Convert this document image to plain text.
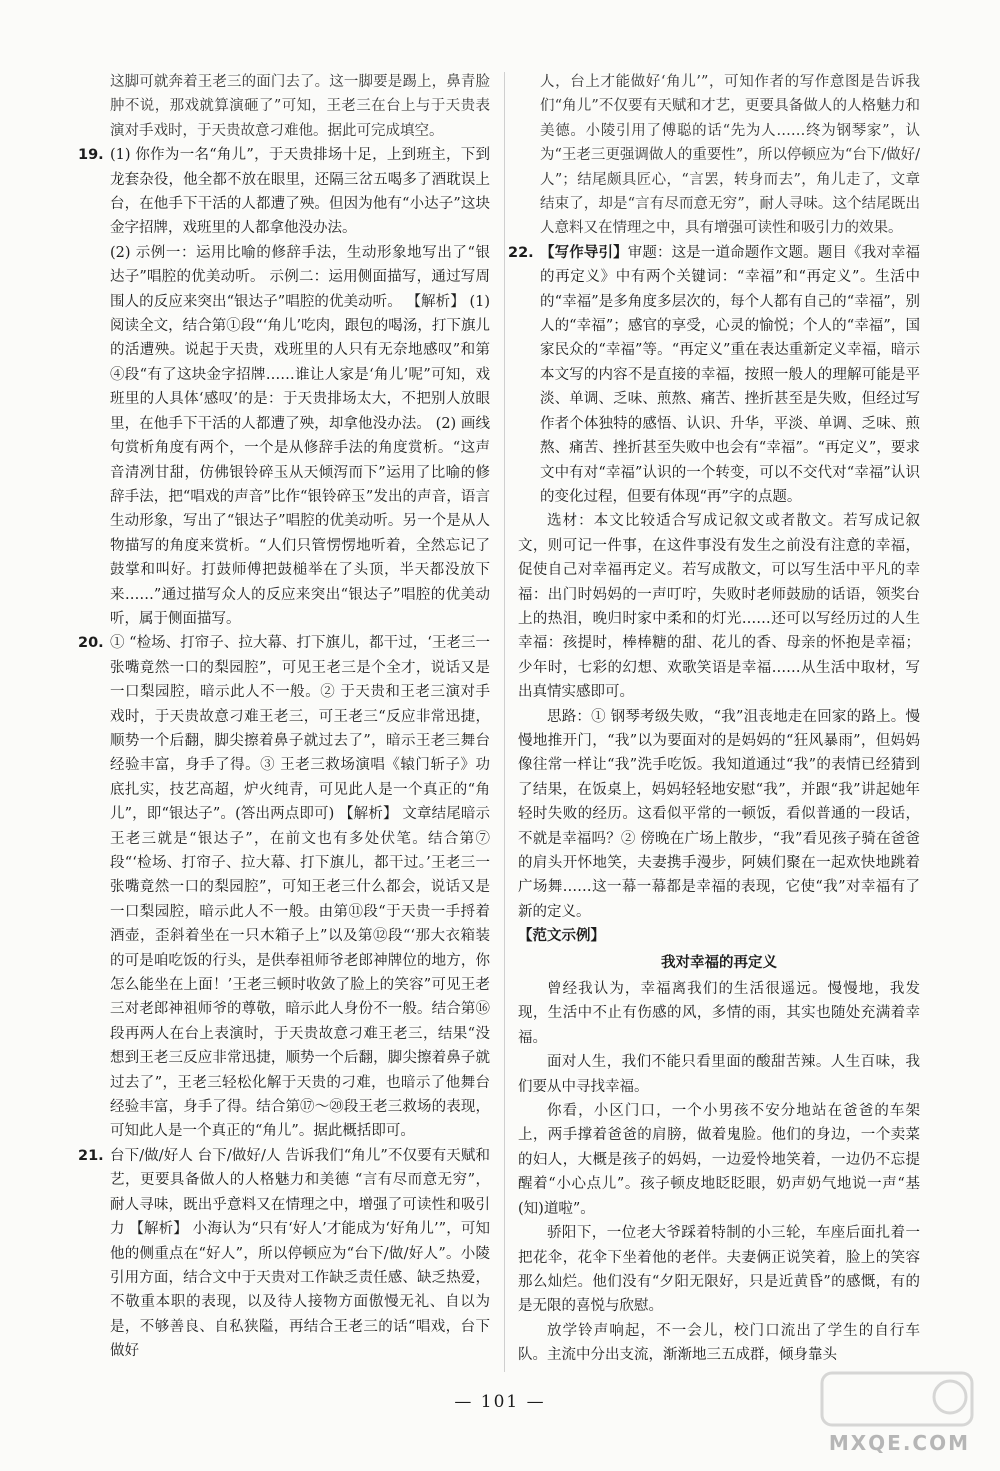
这脚可就奔着王老三的面门去了。这一脚要是踢上，鼻青脸肿不说，那戏就算演砸了”可知，王老三在台上与于天贵表演对手戏时，于天贵故意刁难他。据此可完成填空。

19. (1) 你作为一名“角儿”，于天贵排场十足，上到班主，下到龙套杂役，他全都不放在眼里，还隔三岔五喝多了酒耽误上台，在他手下干活的人都遭了殃。但因为他有“小达子”这块金字招牌，戏班里的人都拿他没办法。

(2) 示例一：运用比喻的修辞手法，生动形象地写出了“银达子”唱腔的优美动听。 示例二：运用侧面描写，通过写周围人的反应来突出“银达子”唱腔的优美动听。 【解析】 (1) 阅读全文，结合第①段“‘角儿’吃肉，跟包的喝汤，打下旗儿的活遭殃。说起于天贵，戏班里的人只有无奈地感叹”和第④段“有了这块金字招牌……谁让人家是‘角儿’呢”可知，戏班里的人具体‘感叹’的是：于天贵排场太大，不把别人放眼里，在他手下干活的人都遭了殃，却拿他没办法。 (2) 画线句赏析角度有两个，一个是从修辞手法的角度赏析。“这声音清冽甘甜，仿佛银铃碎玉从天倾泻而下”运用了比喻的修辞手法，把“唱戏的声音”比作“银铃碎玉”发出的声音，语言生动形象，写出了“银达子”唱腔的优美动听。另一个是从人物描写的角度来赏析。“人们只管愣愣地听着，全然忘记了鼓掌和叫好。打鼓师傅把鼓槌举在了头顶，半天都没放下来……”通过描写众人的反应来突出“银达子”唱腔的优美动听，属于侧面描写。

20. ① “检场、打帘子、拉大幕、打下旗儿，都干过，‘王老三一张嘴竟然一口的梨园腔”，可见王老三是个全才，说话又是一口梨园腔，暗示此人不一般。② 于天贵和王老三演对手戏时，于天贵故意刁难王老三，可王老三“反应非常迅捷，顺势一个后翻，脚尖擦着鼻子就过去了”，暗示王老三舞台经验丰富，身手了得。③ 王老三救场演唱《辕门斩子》功底扎实，技艺高超，炉火纯青，可见此人是一个真正的“角儿”，即“银达子”。(答出两点即可) 【解析】 文章结尾暗示王老三就是“银达子”，在前文也有多处伏笔。结合第⑦段“‘检场、打帘子、拉大幕、打下旗儿，都干过。’王老三一张嘴竟然一口的梨园腔”，可知王老三什么都会，说话又是一口梨园腔，暗示此人不一般。由第⑪段“于天贵一手捋着酒壶，歪斜着坐在一只木箱子上”以及第⑫段“‘那大衣箱装的可是咱吃饭的行头，是供奉祖师爷老郎神牌位的地方，你怎么能坐在上面！’王老三顿时收敛了脸上的笑容”可见王老三对老郎神祖师爷的尊敬，暗示此人身份不一般。结合第⑯段再两人在台上表演时，于天贵故意刁难王老三，结果“没想到王老三反应非常迅捷，顺势一个后翻，脚尖擦着鼻子就过去了”，王老三轻松化解于天贵的刁难，也暗示了他舞台经验丰富，身手了得。结合第⑰～⑳段王老三救场的表现，可知此人是一个真正的“角儿”。据此概括即可。
21. 台下/做/好人 台下/做好/人 告诉我们“角儿”不仅要有天赋和艺，更要具备做人的人格魅力和美德 “言有尽而意无穷”，耐人寻味，既出乎意料又在情理之中，增强了可读性和吸引力 【解析】 小海认为“只有‘好人’才能成为‘好角儿’”，可知他的侧重点在“好人”，所以停顿应为“台下/做/好人”。小陵引用方面，结合文中于天贵对工作缺乏责任感、缺乏热爱，不敬重本职的表现，以及待人接物方面傲慢无礼、自以为是，不够善良、自私狭隘，再结合王老三的话“唱戏，台下做好

人，台上才能做好‘角儿’”，可知作者的写作意图是告诉我们“角儿”不仅要有天赋和才艺，更要具备做人的人格魅力和美德。小陵引用了傅聪的话“先为人……终为钢琴家”，认为“王老三更强调做人的重要性”，所以停顿应为“台下/做好/人”；结尾颇具匠心，“言罢，转身而去”，角儿走了，文章结束了，却是“言有尽而意无穷”，耐人寻味。这个结尾既出人意料又在情理之中，具有增强可读性和吸引力的效果。

22. 【写作导引】审题：这是一道命题作文题。题目《我对幸福的再定义》中有两个关键词：“幸福”和“再定义”。生活中的“幸福”是多角度多层次的，每个人都有自己的“幸福”，别人的“幸福”；感官的享受，心灵的愉悦；个人的“幸福”，国家民众的“幸福”等。“再定义”重在表达重新定义幸福，暗示本文写的内容不是直接的幸福，按照一般人的理解可能是平淡、单调、乏味、煎熬、痛苦、挫折甚至是失败，但经过写作者个体独特的感悟、认识、升华，平淡、单调、乏味、煎熬、痛苦、挫折甚至失败中也会有“幸福”。“再定义”，要求文中有对“幸福”认识的一个转变，可以不交代对“幸福”认识的变化过程，但要有体现“再”字的点题。

选材：本文比较适合写成记叙文或者散文。若写成记叙文，则可记一件事，在这件事没有发生之前没有注意的幸福，促使自己对幸福再定义。若写成散文，可以写生活中平凡的幸福：出门时妈妈的一声叮咛，失败时老师鼓励的话语，领奖台上的热泪，晚归时家中柔和的灯光……还可以写经历过的人生幸福：孩提时，棒棒糖的甜、花儿的香、母亲的怀抱是幸福；少年时，七彩的幻想、欢歌笑语是幸福……从生活中取材，写出真情实感即可。

思路：① 钢琴考级失败，“我”沮丧地走在回家的路上。慢慢地推开门，“我”以为要面对的是妈妈的“狂风暴雨”，但妈妈像往常一样让“我”洗手吃饭。我知道通过“我”的表情已经猜到了结果，在饭桌上，妈妈轻轻地安慰“我”，并跟“我”讲起她年轻时失败的经历。这看似平常的一顿饭，看似普通的一段话，不就是幸福吗？② 傍晚在广场上散步，“我”看见孩子骑在爸爸的肩头开怀地笑，夫妻携手漫步，阿姨们聚在一起欢快地跳着广场舞……这一幕一幕都是幸福的表现，它使“我”对幸福有了新的定义。

【范文示例】

我对幸福的再定义

曾经我认为，幸福离我们的生活很遥远。慢慢地，我发现，生活中不止有伤感的风，多情的雨，其实也随处充满着幸福。

面对人生，我们不能只看里面的酸甜苦辣。人生百味，我们要从中寻找幸福。

你看，小区门口，一个小男孩不安分地站在爸爸的车架上，两手撑着爸爸的肩膀，做着鬼脸。他们的身边，一个卖菜的妇人，大概是孩子的妈妈，一边爱怜地笑着，一边仍不忘提醒着“小心点儿”。孩子顿皮地眨眨眼，奶声奶气地说一声“基(知)道啦”。

骄阳下，一位老大爷踩着特制的小三轮，车座后面扎着一把花伞，花伞下坐着他的老伴。夫妻俩正说笑着，脸上的笑容那么灿烂。他们没有“夕阳无限好，只是近黄昏”的感慨，有的是无限的喜悦与欣慰。

放学铃声响起，不一会儿，校门口流出了学生的自行车队。主流中分出支流，渐渐地三五成群，倾身靠头

— 101 —
MXQE.COM
